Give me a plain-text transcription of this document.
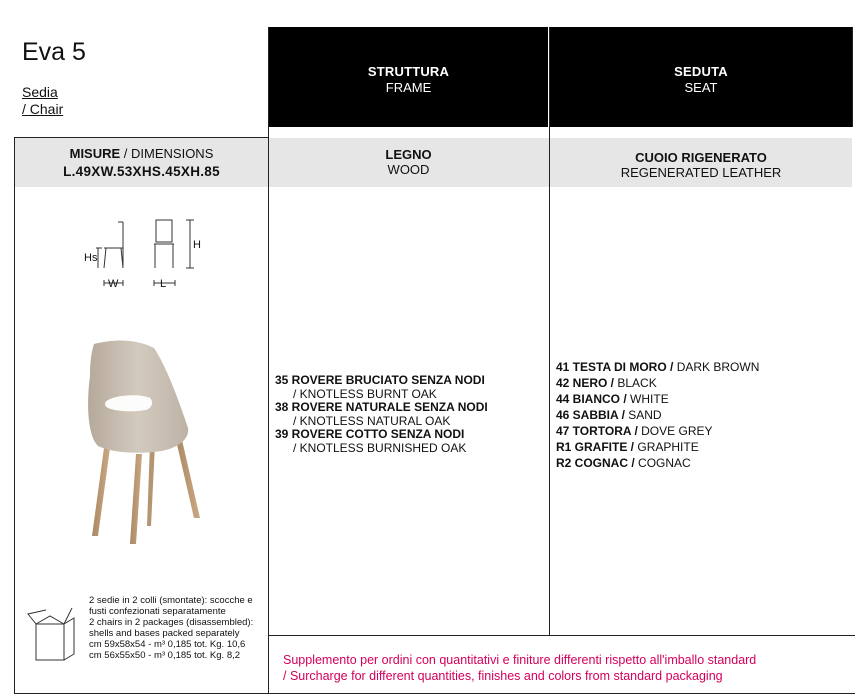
Eva 5
Sedia
/ Chair
STRUTTURA
FRAME
SEDUTA
SEAT
MISURE / DIMENSIONS
L.49XW.53XHS.45XH.85
LEGNO
WOOD
CUOIO RIGENERATO
REGENERATED LEATHER
Hs
W
H
L
2 sedie in 2 colli (smontate): scocche e fusti confezionati separatamente
2 chairs in 2 packages (disassembled): shells and bases packed separately
cm 59x58x54 - m³ 0,185 tot. Kg. 10,6
cm 56x55x50 - m³ 0,185 tot. Kg. 8,2
35 ROVERE BRUCIATO SENZA NODI
/ KNOTLESS BURNT OAK
38 ROVERE NATURALE SENZA NODI
/ KNOTLESS NATURAL OAK
39 ROVERE COTTO SENZA NODI
/ KNOTLESS BURNISHED OAK
41 TESTA DI MORO / DARK BROWN
42 NERO / BLACK
44 BIANCO / WHITE
46 SABBIA / SAND
47 TORTORA / DOVE GREY
R1 GRAFITE / GRAPHITE
R2 COGNAC / COGNAC
Supplemento per ordini con quantitativi e finiture differenti rispetto all'imballo standard
/ Surcharge for different quantities, finishes and colors from standard packaging
